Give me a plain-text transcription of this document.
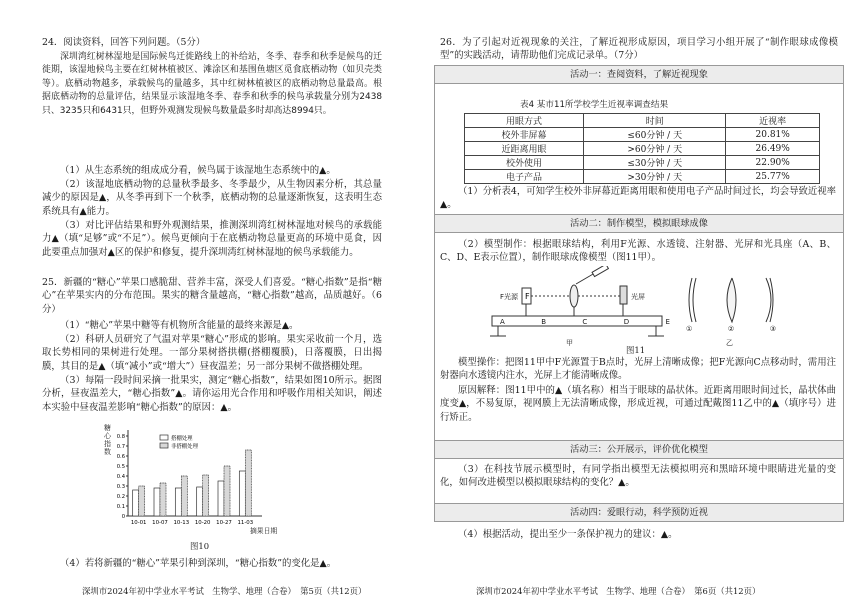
24．阅读资料，回答下列问题。（5分）

深圳湾红树林湿地是国际候鸟迁徙路线上的补给站，冬季、春季和秋季是候鸟的迁徙期，该湿地候鸟主要在红树林植被区、滩涂区和基围鱼塘区觅食底栖动物（如贝壳类等）。底栖动物越多，承载候鸟的量越多，其中红树林植被区的底栖动物总量最高。根据底栖动物的总量评估，结果显示该湿地冬季、春季和秋季的候鸟承载量分别为2438只、3235只和6431只，但野外观测发现候鸟数量最多时却高达8994只。

（1）从生态系统的组成成分看，候鸟属于该湿地生态系统中的▲。

（2）该湿地底栖动物的总量秋季最多、冬季最少，从生物因素分析，其总量减少的原因是▲，从冬季再到下一个秋季，底栖动物的总量逐渐恢复，这表明生态系统具有▲能力。

（3）对比评估结果和野外观测结果，推测深圳湾红树林湿地对候鸟的承载能力▲（填“足够”或“不足”）。候鸟更倾向于在底栖动物总量更高的环境中觅食，因此要重点加强对▲区的保护和修复，提升深圳湾红树林湿地的候鸟承载能力。

25．新疆的“糖心”苹果口感脆甜、营养丰富，深受人们喜爱。“糖心指数”是指“糖心”在苹果实内的分布范围。果实的糖含量越高，“糖心指数”越高，品质越好。（6分）

（1）“糖心”苹果中糖等有机物所含能量的最终来源是▲。

（2）科研人员研究了气温对苹果“糖心”形成的影响。果实采收前一个月，选取长势相同的果树进行处理。一部分果树搭拱棚(搭棚覆膜)，日落覆膜，日出揭膜，其目的是▲（填“减小”或“增大”）昼夜温差；另一部分果树不做搭棚处理。

（3）每隔一段时间采摘一批果实，测定“糖心指数”，结果如图10所示。据图分析，昼夜温差大，“糖心指数”▲。请你运用光合作用和呼吸作用相关知识，阐述本实验中昼夜温差影响“糖心指数”的原因：▲。

0
0.1
0.2
0.3
0.4
0.5
0.6
0.7
0.8
10-01 10-07 10-13 10-20 10-27 11-03
搭棚处理
非搭棚处理
糖心指数
摘果日期
图10

（4）若将新疆的“糖心”苹果引种到深圳，“糖心指数”的变化是▲。

深圳市2024年初中学业水平考试　生物学、地理（合卷）　第5页（共12页）

26．为了引起对近视现象的关注，了解近视形成原因，项目学习小组开展了“制作眼球成像模型”的实践活动，请帮助他们完成记录单。（7分）

活动一：查阅资料，了解近视现象
表4 某市11所学校学生近视率调查结果
用眼方式	时间	近视率
校外非屏幕	≤60分钟 / 天	20.81%
近距离用眼	>60分钟 / 天	26.49%
校外使用	≤30分钟 / 天	22.90%
电子产品	>30分钟 / 天	25.77%

（1）分析表4，可知学生校外非屏幕近距离用眼和使用电子产品时间过长，均会导致近视率▲。

活动二：制作模型，模拟眼球成像

（2）模型制作：根据眼球结构，利用F光源、水透镜、注射器、光屏和光具座（A、B、C、D、E表示位置），制作眼球成像模型（图11甲）。

F
F光源	光屏
A	B	C	D	E
甲
①	②	③
乙
图11

模型操作：把图11甲中F光源置于B点时，光屏上清晰成像；把F光源向C点移动时，需用注射器向水透镜内注水，光屏上才能清晰成像。

原因解释：图11甲中的▲（填名称）相当于眼球的晶状体。近距离用眼时间过长，晶状体曲度变▲，不易复原，视网膜上无法清晰成像，形成近视，可通过配戴图11乙中的▲（填序号）进行矫正。

活动三：公开展示，评价优化模型

（3）在科技节展示模型时，有同学指出模型无法模拟明亮和黑暗环境中眼睛进光量的变化，如何改进模型以模拟眼球结构的变化？▲。

活动四：爱眼行动，科学预防近视

（4）根据活动，提出至少一条保护视力的建议：▲。

深圳市2024年初中学业水平考试　生物学、地理（合卷）　第6页（共12页）
